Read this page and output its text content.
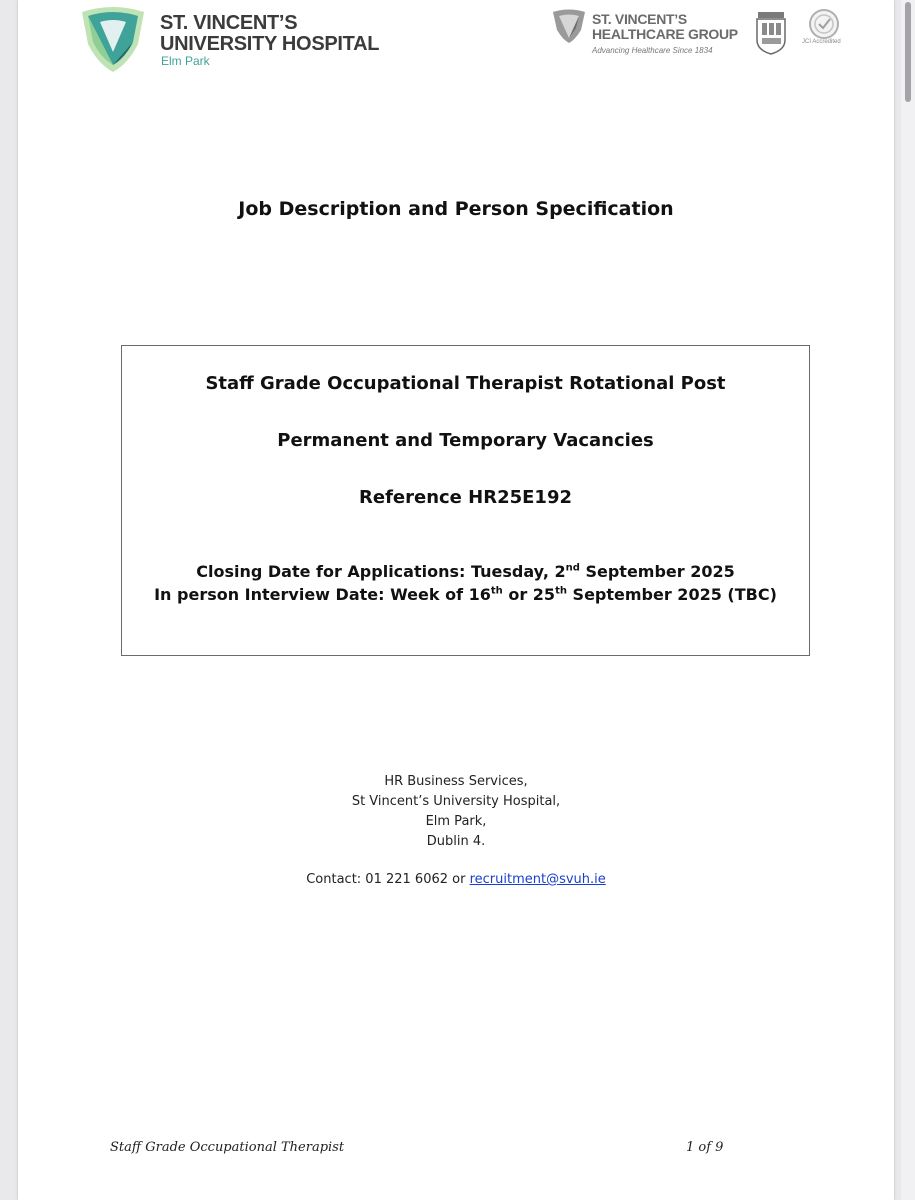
ST. VINCENT’S
UNIVERSITY HOSPITAL
Elm Park
ST. VINCENT’S
HEALTHCARE GROUP
Advancing Healthcare Since 1834
JCI Accredited
Job Description and Person Specification
Staff Grade Occupational Therapist Rotational Post
Permanent and Temporary Vacancies
Reference HR25E192
Closing Date for Applications: Tuesday, 2nd September 2025
In person Interview Date: Week of 16th or 25th September 2025 (TBC)
HR Business Services,
St Vincent’s University Hospital,
Elm Park,
Dublin 4.
Contact: 01 221 6062 or recruitment@svuh.ie
Staff Grade Occupational Therapist	1 of 9
